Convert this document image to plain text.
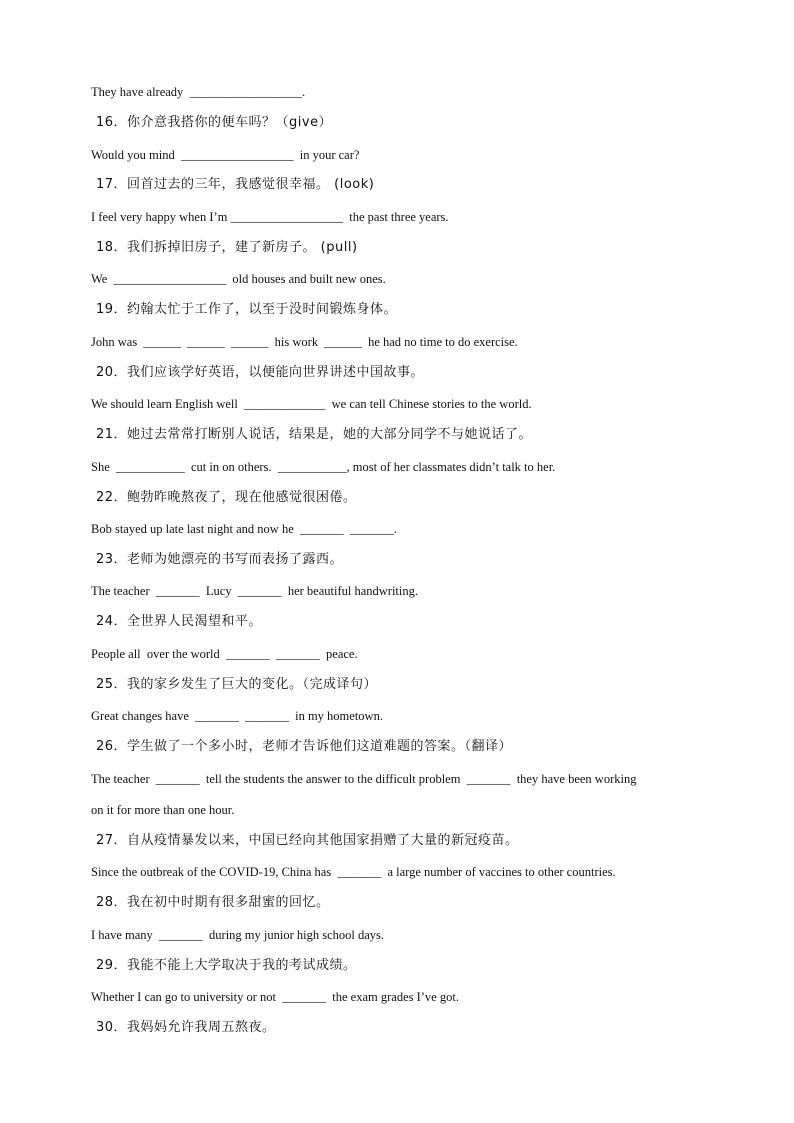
They have already  __________________.
16．你介意我搭你的便车吗？（give）
Would you mind  __________________  in your car?
17．回首过去的三年，我感觉很幸福。 (look)
I feel very happy when I’m __________________  the past three years.
18．我们拆掉旧房子，建了新房子。 (pull)
We  __________________  old houses and built new ones.
19．约翰太忙于工作了，以至于没时间锻炼身体。
John was  ______  ______  ______  his work  ______  he had no time to do exercise.
20．我们应该学好英语，以便能向世界讲述中国故事。
We should learn English well  _____________  we can tell Chinese stories to the world.
21．她过去常常打断别人说话，结果是，她的大部分同学不与她说话了。
She  ___________  cut in on others.  ___________, most of her classmates didn’t talk to her.
22．鲍勃昨晚熬夜了，现在他感觉很困倦。
Bob stayed up late last night and now he  _______  _______.
23．老师为她漂亮的书写而表扬了露西。
The teacher  _______  Lucy  _______  her beautiful handwriting.
24．全世界人民渴望和平。
People all  over the world  _______  _______  peace.
25．我的家乡发生了巨大的变化。（完成译句）
Great changes have  _______  _______  in my hometown.
26．学生做了一个多小时，老师才告诉他们这道难题的答案。（翻译）
The teacher  _______  tell the students the answer to the difficult problem  _______  they have been working
on it for more than one hour.
27．自从疫情暴发以来，中国已经向其他国家捐赠了大量的新冠疫苗。
Since the outbreak of the COVID-19, China has  _______  a large number of vaccines to other countries.
28．我在初中时期有很多甜蜜的回忆。
I have many  _______  during my junior high school days.
29．我能不能上大学取决于我的考试成绩。
Whether I can go to university or not  _______  the exam grades I’ve got.
30．我妈妈允许我周五熬夜。
